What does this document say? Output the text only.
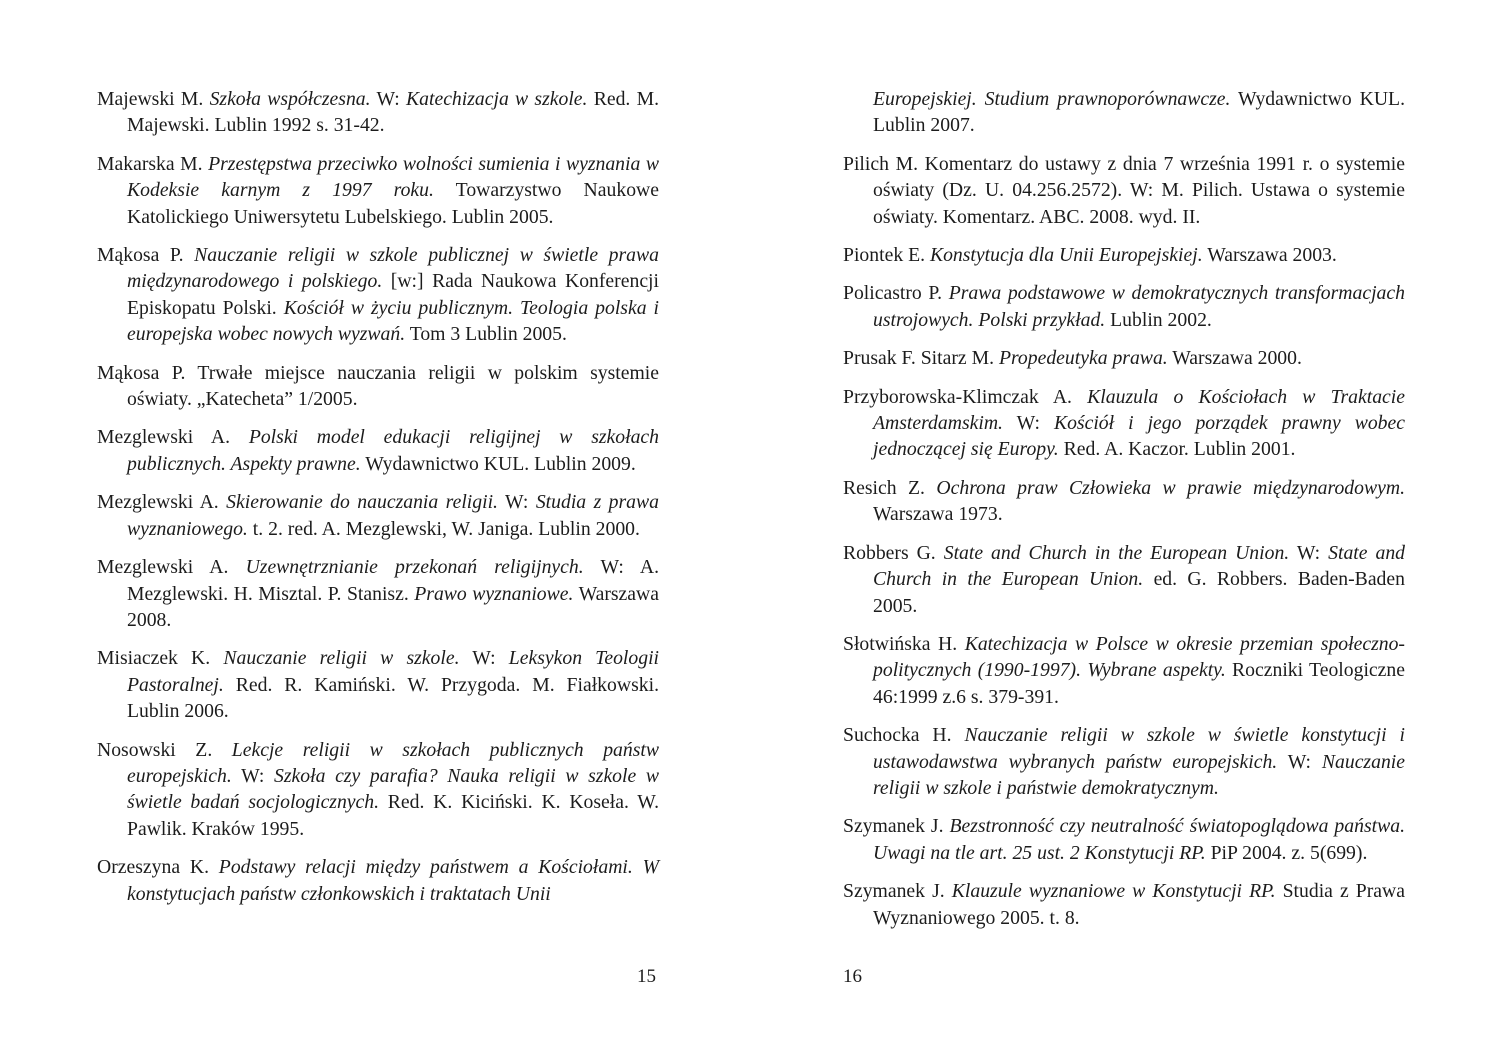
Majewski M. Szkoła współczesna. W: Katechizacja w szkole. Red. M. Majewski. Lublin 1992 s. 31-42.
Makarska M. Przestępstwa przeciwko wolności sumienia i wyznania w Kodeksie karnym z 1997 roku. Towarzystwo Naukowe Katolickiego Uniwersytetu Lubelskiego. Lublin 2005.
Mąkosa P. Nauczanie religii w szkole publicznej w świetle prawa międzynarodowego i polskiego. [w:] Rada Naukowa Konferencji Episkopatu Polski. Kościół w życiu publicznym. Teologia polska i europejska wobec nowych wyzwań. Tom 3 Lublin 2005.
Mąkosa P. Trwałe miejsce nauczania religii w polskim systemie oświaty. „Katecheta” 1/2005.
Mezglewski A. Polski model edukacji religijnej w szkołach publicznych. Aspekty prawne. Wydawnictwo KUL. Lublin 2009.
Mezglewski A. Skierowanie do nauczania religii. W: Studia z prawa wyznaniowego. t. 2. red. A. Mezglewski, W. Janiga. Lublin 2000.
Mezglewski A. Uzewnętrznianie przekonań religijnych. W: A. Mezglewski. H. Misztal. P. Stanisz. Prawo wyznaniowe. Warszawa 2008.
Misiaczek K. Nauczanie religii w szkole. W: Leksykon Teologii Pastoralnej. Red. R. Kamiński. W. Przygoda. M. Fiałkowski. Lublin 2006.
Nosowski Z. Lekcje religii w szkołach publicznych państw europejskich. W: Szkoła czy parafia? Nauka religii w szkole w świetle badań socjologicznych. Red. K. Kiciński. K. Koseła. W. Pawlik. Kraków 1995.
Orzeszyna K. Podstawy relacji między państwem a Kościołami. W konstytucjach państw członkowskich i traktatach Unii
15
Europejskiej. Studium prawnoporównawcze. Wydawnictwo KUL. Lublin 2007.
Pilich M. Komentarz do ustawy z dnia 7 września 1991 r. o systemie oświaty (Dz. U. 04.256.2572). W: M. Pilich. Ustawa o systemie oświaty. Komentarz. ABC. 2008. wyd. II.
Piontek E. Konstytucja dla Unii Europejskiej. Warszawa 2003.
Policastro P. Prawa podstawowe w demokratycznych transformacjach ustrojowych. Polski przykład. Lublin 2002.
Prusak F. Sitarz M. Propedeutyka prawa. Warszawa 2000.
Przyborowska-Klimczak A. Klauzula o Kościołach w Traktacie Amsterdamskim. W: Kościół i jego porządek prawny wobec jednoczącej się Europy. Red. A. Kaczor. Lublin 2001.
Resich Z. Ochrona praw Człowieka w prawie międzynarodowym. Warszawa 1973.
Robbers G. State and Church in the European Union. W: State and Church in the European Union. ed. G. Robbers. Baden-Baden 2005.
Słotwińska H. Katechizacja w Polsce w okresie przemian społeczno-politycznych (1990-1997). Wybrane aspekty. Roczniki Teologiczne 46:1999 z.6 s. 379-391.
Suchocka H. Nauczanie religii w szkole w świetle konstytucji i ustawodawstwa wybranych państw europejskich. W: Nauczanie religii w szkole i państwie demokratycznym.
Szymanek J. Bezstronność czy neutralność światopoglądowa państwa. Uwagi na tle art. 25 ust. 2 Konstytucji RP. PiP 2004. z. 5(699).
Szymanek J. Klauzule wyznaniowe w Konstytucji RP. Studia z Prawa Wyznaniowego 2005. t. 8.
16
